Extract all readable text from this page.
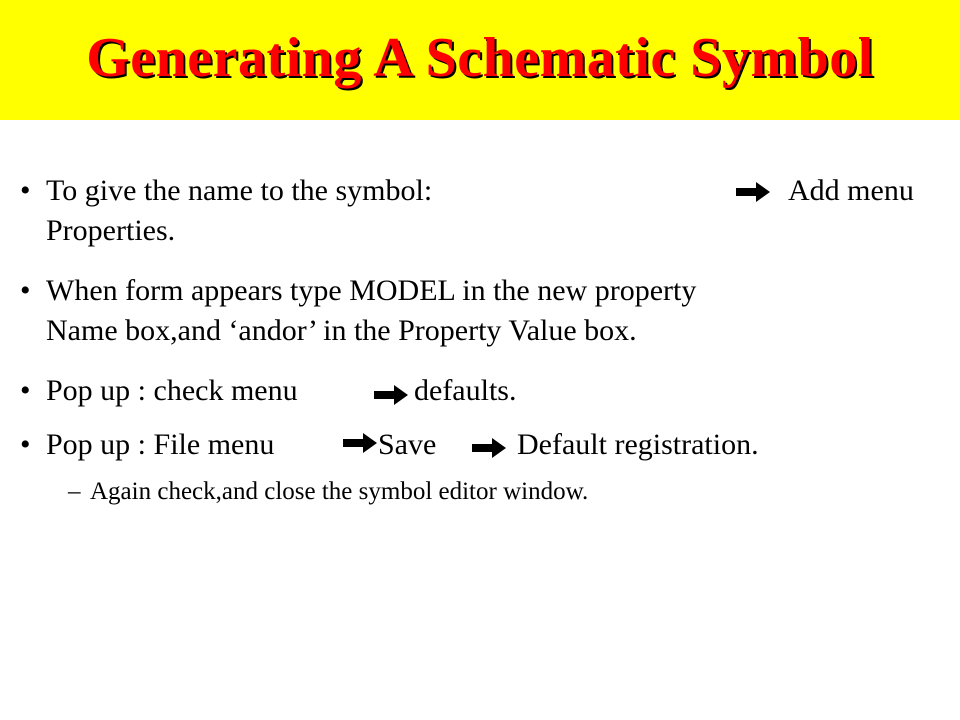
Generating A Schematic Symbol
• To give the name to the symbol:	Add menu
Properties.
• When form appears type MODEL in the new property
Name box,and ‘andor’ in the Property Value box.
• Pop up : check menu	defaults.
• Pop up : File menu	Save	Default registration.
– Again check,and close the symbol editor window.
